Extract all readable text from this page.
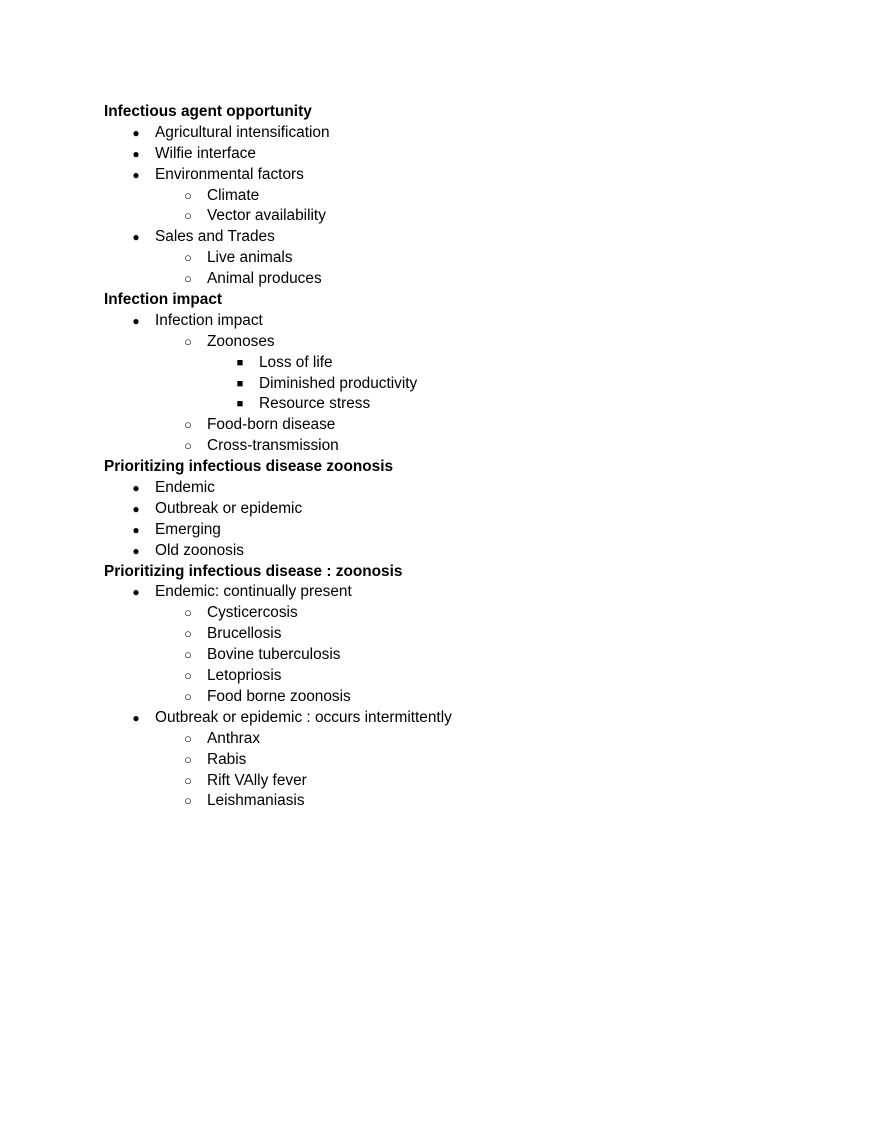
Infectious agent opportunity
● Agricultural intensification
● Wilfie interface
● Environmental factors
○ Climate
○ Vector availability
● Sales and Trades
○ Live animals
○ Animal produces
Infection impact
● Infection impact
○ Zoonoses
■ Loss of life
■ Diminished productivity
■ Resource stress
○ Food-born disease
○ Cross-transmission
Prioritizing infectious disease zoonosis
● Endemic
● Outbreak or epidemic
● Emerging
● Old zoonosis
Prioritizing infectious disease : zoonosis
● Endemic: continually present
○ Cysticercosis
○ Brucellosis
○ Bovine tuberculosis
○ Letopriosis
○ Food borne zoonosis
● Outbreak or epidemic : occurs intermittently
○ Anthrax
○ Rabis
○ Rift VAlly fever
○ Leishmaniasis
